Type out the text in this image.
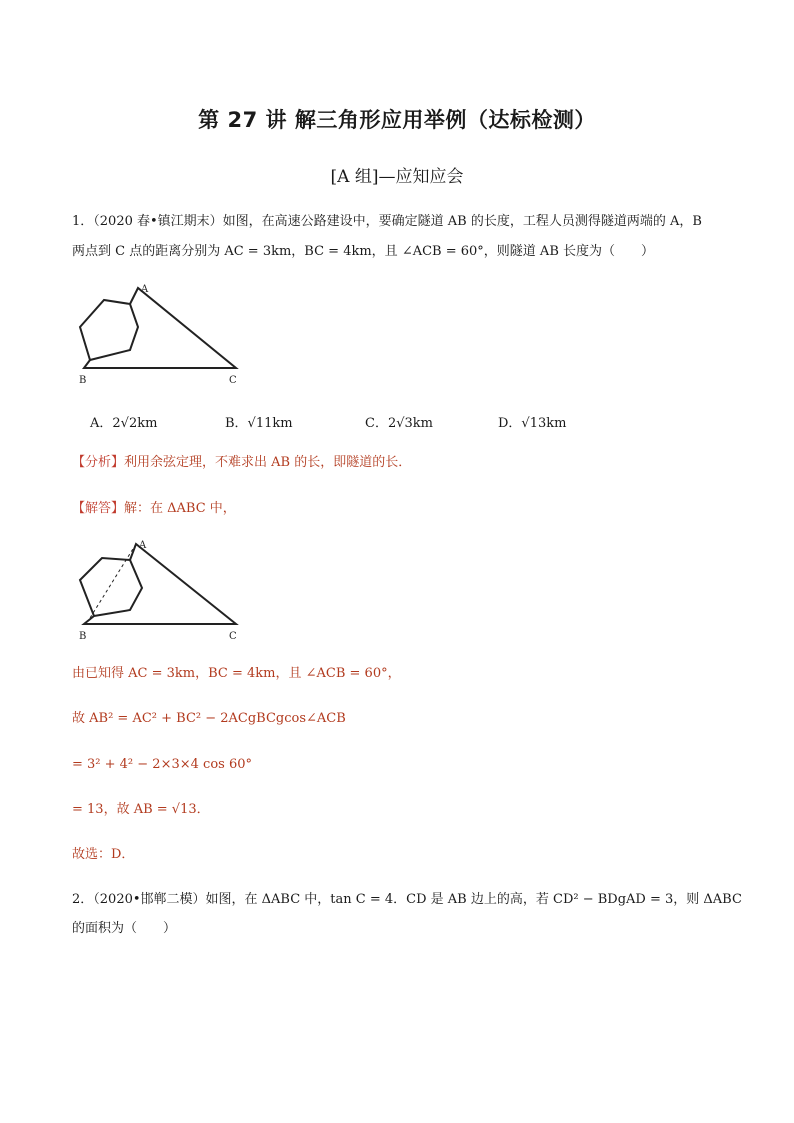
第 27 讲 解三角形应用举例（达标检测）
[A 组]—应知应会
1．（2020 春•镇江期末）如图，在高速公路建设中，要确定隧道 AB 的长度，工程人员测得隧道两端的 A，B
两点到 C 点的距离分别为 AC = 3km，BC = 4km，且 ∠ACB = 60°，则隧道 AB 长度为（　　）
A
B	C
A．2√2km	B．√11km	C．2√3km	D．√13km
【分析】利用余弦定理，不难求出 AB 的长，即隧道的长．
【解答】解：在 ΔABC 中，
A
B	C
由已知得 AC = 3km，BC = 4km，且 ∠ACB = 60°，
故 AB² = AC² + BC² − 2ACgBCgcos∠ACB
= 3² + 4² − 2×3×4 cos 60°
= 13，故 AB = √13．
故选：D．
2．（2020•邯郸二模）如图，在 ΔABC 中，tan C = 4．CD 是 AB 边上的高，若 CD² − BDgAD = 3，则 ΔABC
的面积为（　　）
